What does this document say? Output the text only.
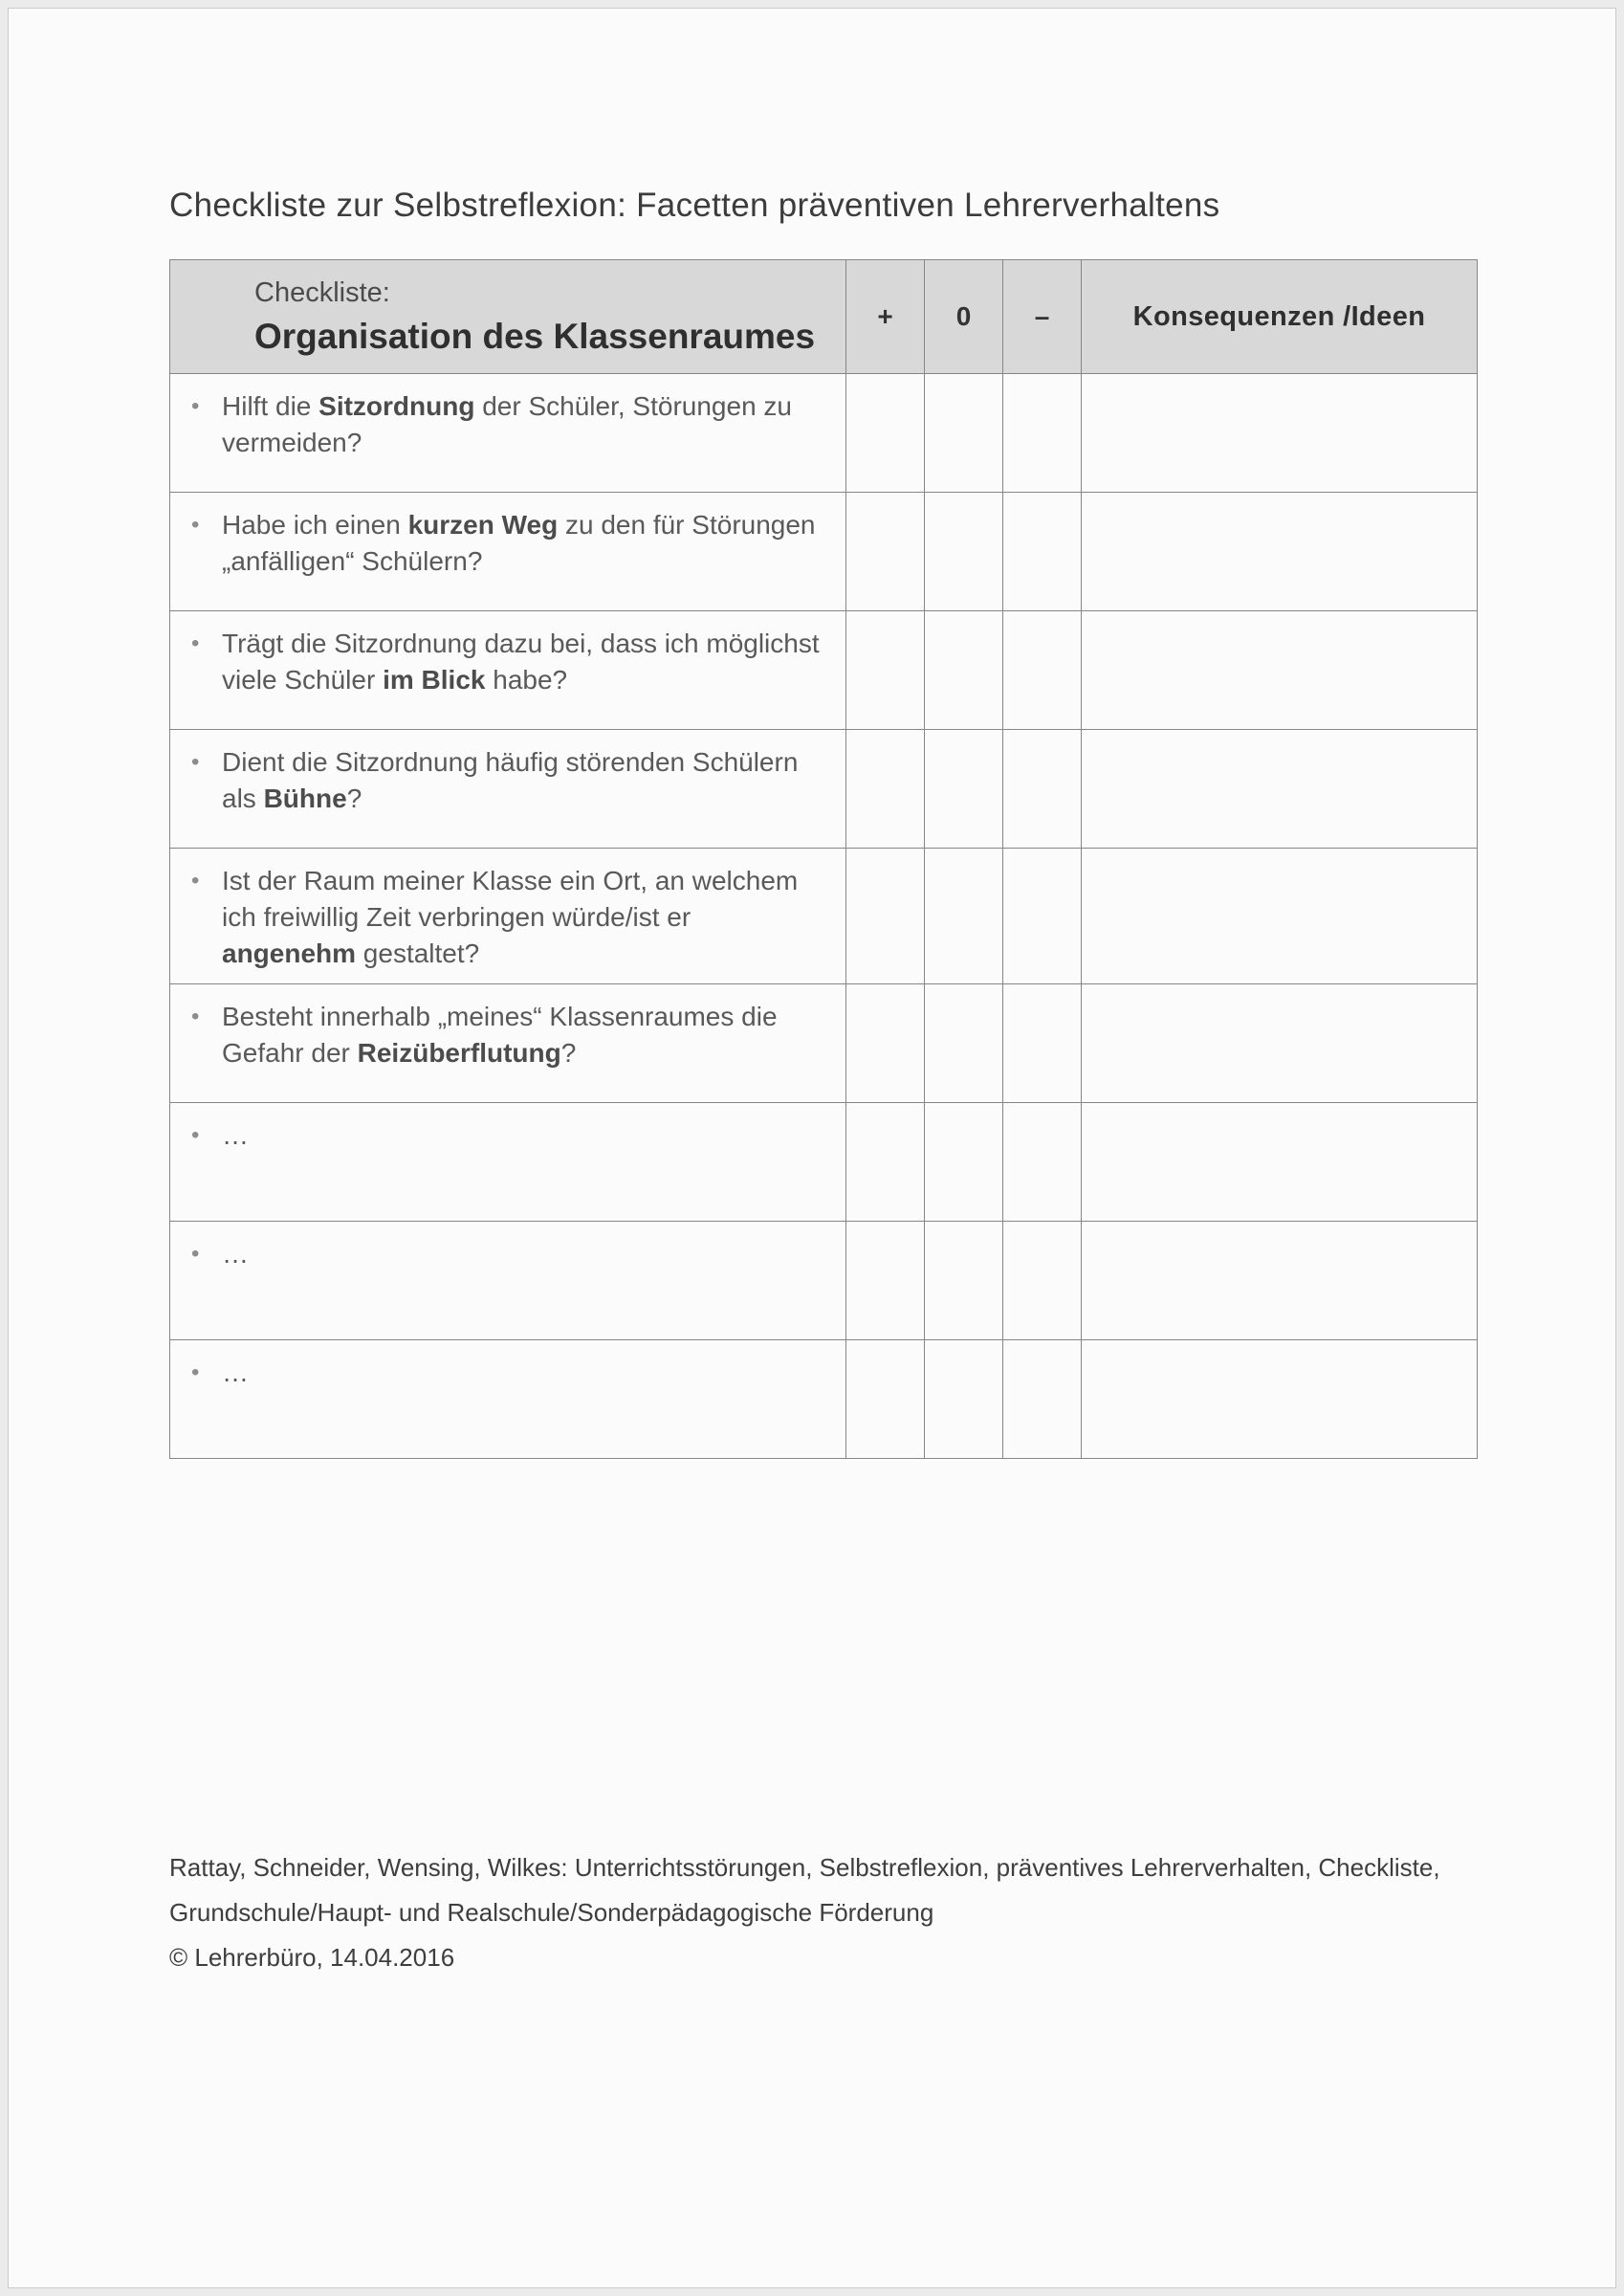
Checkliste zur Selbstreflexion: Facetten präventiven Lehrerverhaltens
Checkliste:
Organisation des Klassenraumes	+	0	–	Konsequenzen /Ideen

• Hilft die Sitzordnung der Schüler, Störungen zu vermeiden?				

• Habe ich einen kurzen Weg zu den für Störungen „anfälligen“ Schülern?				

• Trägt die Sitzordnung dazu bei, dass ich möglichst viele Schüler im Blick habe?				

• Dient die Sitzordnung häufig störenden Schülern als Bühne?				

• Ist der Raum meiner Klasse ein Ort, an welchem ich freiwillig Zeit verbringen würde/ist er angenehm gestaltet?				

• Besteht innerhalb „meines“ Klassenraumes die Gefahr der Reizüberflutung?				

• …				

• …				

• …				

Rattay, Schneider, Wensing, Wilkes: Unterrichtsstörungen, Selbstreflexion, präventives Lehrerverhalten, Checkliste,
Grundschule/Haupt- und Realschule/Sonderpädagogische Förderung
© Lehrerbüro, 14.04.2016
